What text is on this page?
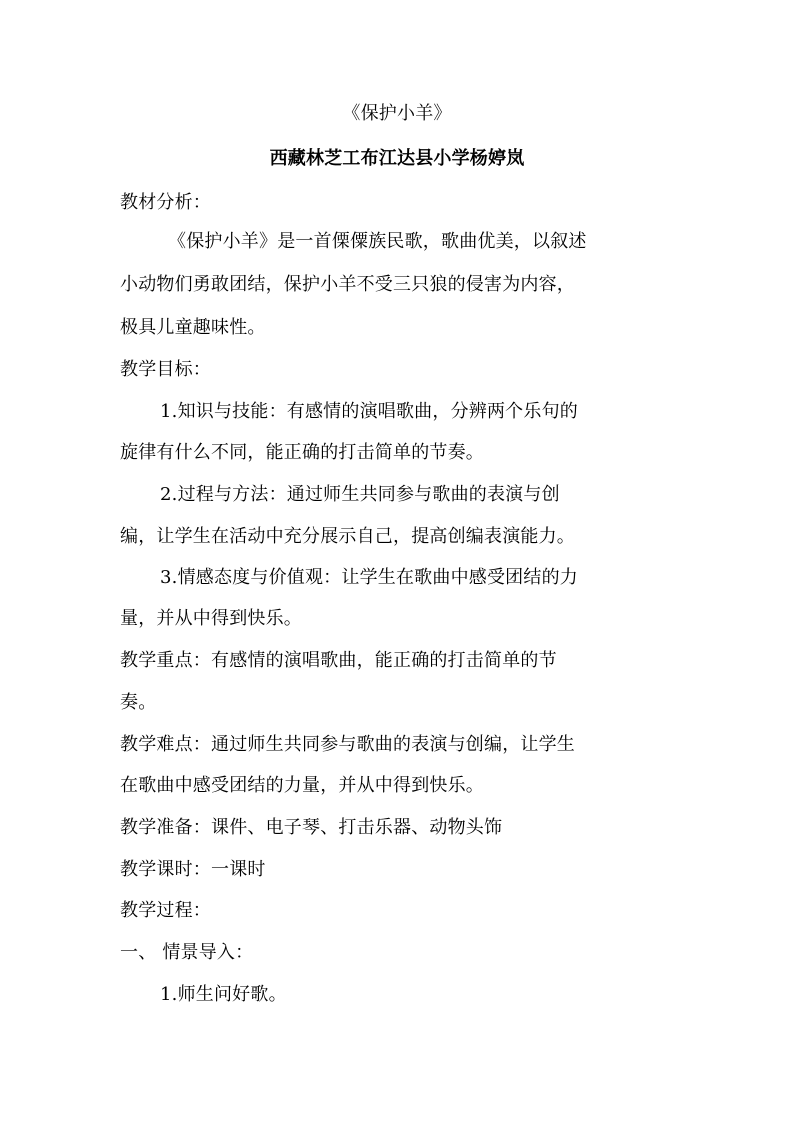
《保护小羊》
西藏林芝工布江达县小学杨婷岚
教材分析：
《保护小羊》是一首傈僳族民歌，歌曲优美，以叙述
小动物们勇敢团结，保护小羊不受三只狼的侵害为内容，
极具儿童趣味性。
教学目标：
1.知识与技能：有感情的演唱歌曲，分辨两个乐句的
旋律有什么不同，能正确的打击简单的节奏。
2.过程与方法：通过师生共同参与歌曲的表演与创
编，让学生在活动中充分展示自己，提高创编表演能力。
3.情感态度与价值观：让学生在歌曲中感受团结的力
量，并从中得到快乐。
教学重点：有感情的演唱歌曲，能正确的打击简单的节
奏。
教学难点：通过师生共同参与歌曲的表演与创编，让学生
在歌曲中感受团结的力量，并从中得到快乐。
教学准备：课件、电子琴、打击乐器、动物头饰
教学课时：一课时
教学过程：
一、 情景导入：
1.师生问好歌。
